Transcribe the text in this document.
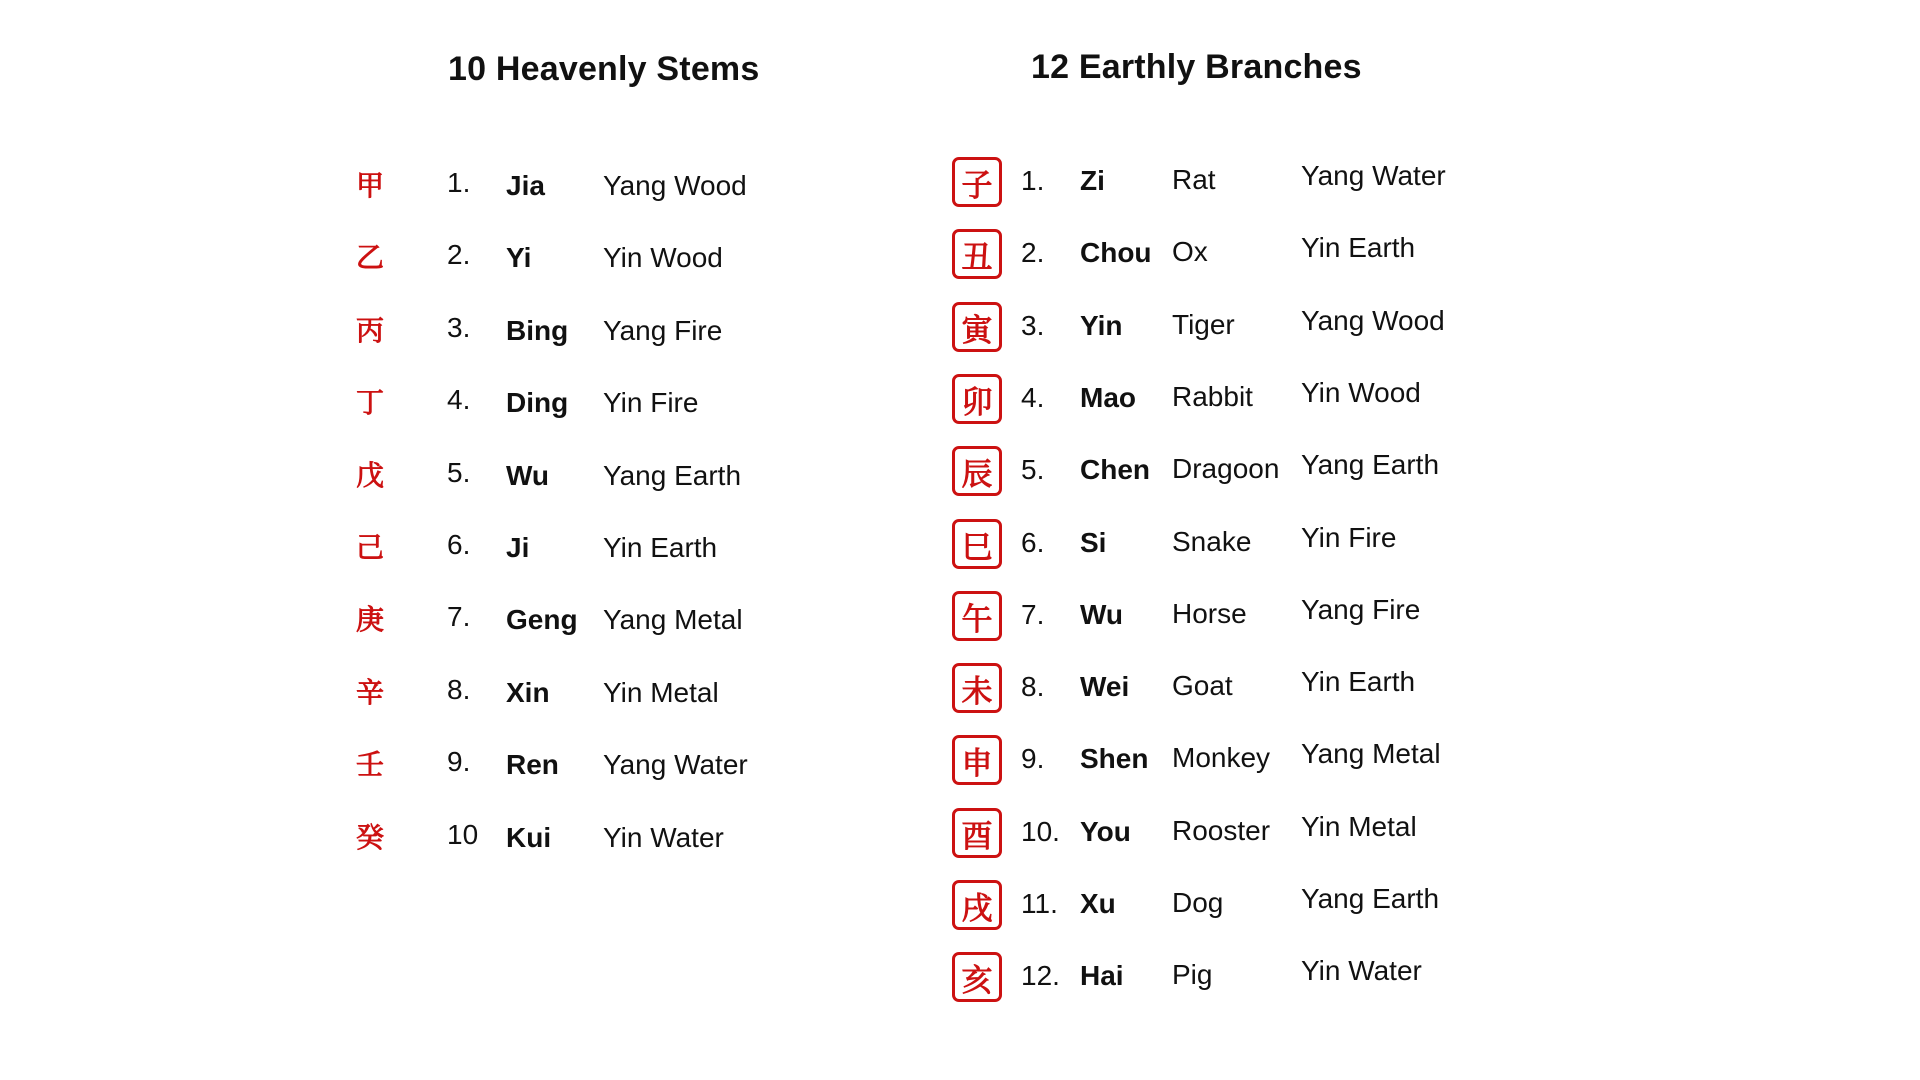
10 Heavenly Stems
甲 1. Jia Yang Wood
乙 2. Yi	Yin Wood
丙 3. Bing Yang Fire
丁 4. Ding Yin Fire
戊 5. Wu Yang Earth
己 6. Ji	Yin Earth
庚 7. Geng Yang Metal
辛 8. Xin Yin Metal
壬 9. Ren Yang Water
癸 10 Kui Yin Water
12 Earthly Branches
子	1. Zi Rat	Yang Water
丑	2. Chou Ox	Yin Earth
寅	3. Yin Tiger Yang Wood
卯	4. Mao Rabbit Yin Wood
辰	5. Chen Dragoon Yang Earth
巳	6. Si Snake Yin Fire
午	7. Wu Horse Yang Fire
未	8. Wei Goat Yin Earth
申	9. Shen Monkey Yang Metal
酉	10. You Rooster Yin Metal
戌	11. Xu Dog	Yang Earth
亥	12. Hai Pig	Yin Water
